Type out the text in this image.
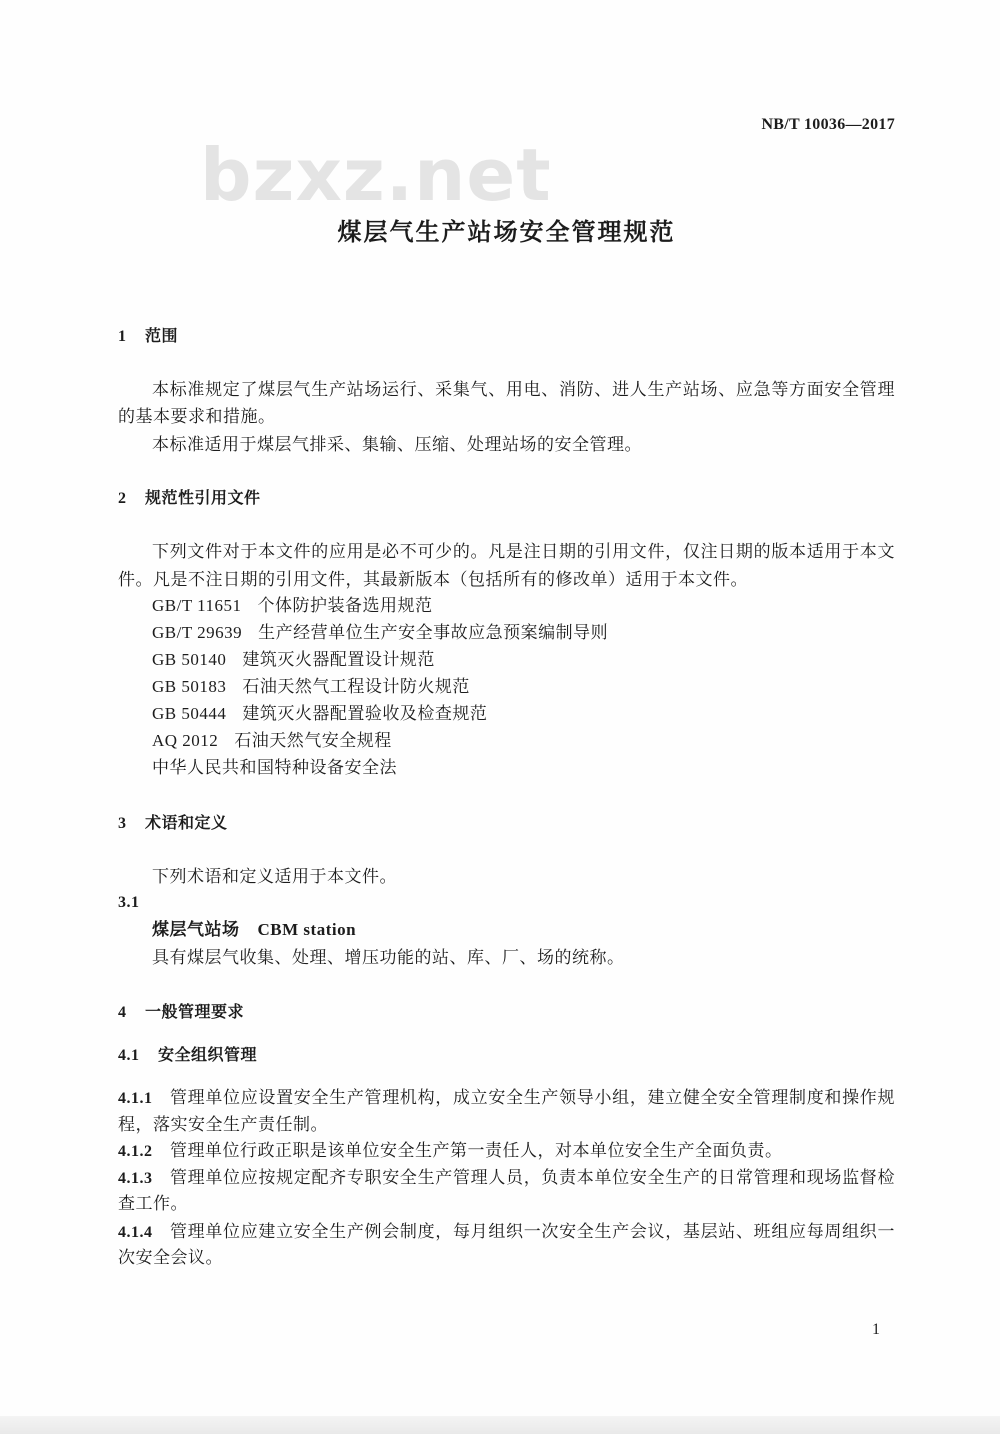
NB/T 10036—2017
bzxz.net
煤层气生产站场安全管理规范
1 范围
本标准规定了煤层气生产站场运行、采集气、用电、消防、进人生产站场、应急等方面安全管理
的基本要求和措施。
本标准适用于煤层气排采、集输、压缩、处理站场的安全管理。
2 规范性引用文件
下列文件对于本文件的应用是必不可少的。凡是注日期的引用文件，仅注日期的版本适用于本文
件。凡是不注日期的引用文件，其最新版本（包括所有的修改单）适用于本文件。
GB/T 11651 个体防护装备选用规范
GB/T 29639 生产经营单位生产安全事故应急预案编制导则
GB 50140 建筑灭火器配置设计规范
GB 50183 石油天然气工程设计防火规范
GB 50444 建筑灭火器配置验收及检查规范
AQ 2012 石油天然气安全规程
中华人民共和国特种设备安全法
3 术语和定义
下列术语和定义适用于本文件。
3.1
煤层气站场 CBM station
具有煤层气收集、处理、增压功能的站、库、厂、场的统称。
4 一般管理要求
4.1 安全组织管理
4.1.1 管理单位应设置安全生产管理机构，成立安全生产领导小组，建立健全安全管理制度和操作规
程，落实安全生产责任制。
4.1.2 管理单位行政正职是该单位安全生产第一责任人，对本单位安全生产全面负责。
4.1.3 管理单位应按规定配齐专职安全生产管理人员，负责本单位安全生产的日常管理和现场监督检
查工作。
4.1.4 管理单位应建立安全生产例会制度，每月组织一次安全生产会议，基层站、班组应每周组织一
次安全会议。
1
